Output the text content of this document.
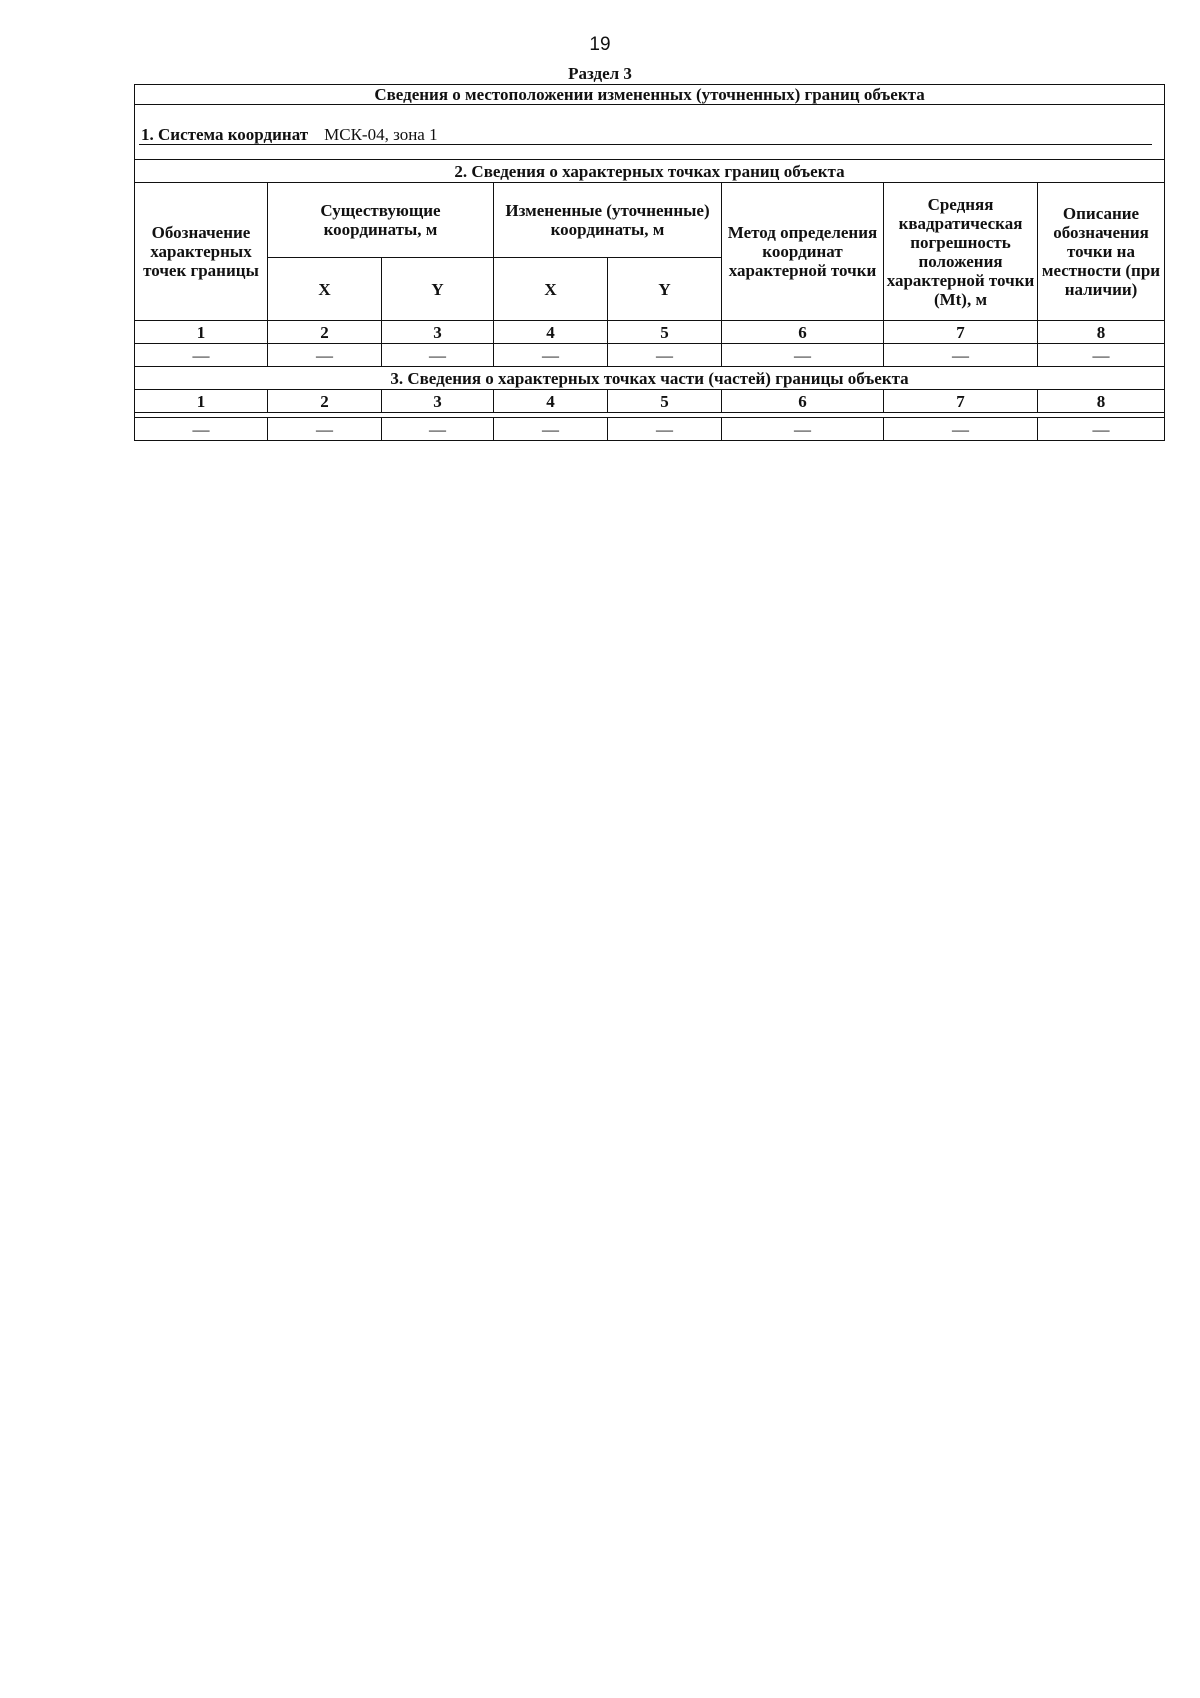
19
Раздел 3
Сведения о местоположении измененных (уточненных) границ объекта							

1. Система координат МСК-04, зона 1							

2. Сведения о характерных точках границ объекта							
Обозначение характерных точек границы	Существующие координаты, м		Измененные (уточненные) координаты, м		Метод определения координат характерной точки	Средняя квадратическая погрешность положения характерной точки (Mt), м	Описание обозначения точки на местности (при наличии)
	X	Y	X	Y			
1	2	3	4	5	6	7	8
—	—	—	—	—	—	—	—
3. Сведения о характерных точках части (частей) границы объекта							
1	2	3	4	5	6	7	8

—	—	—	—	—	—	—	—
